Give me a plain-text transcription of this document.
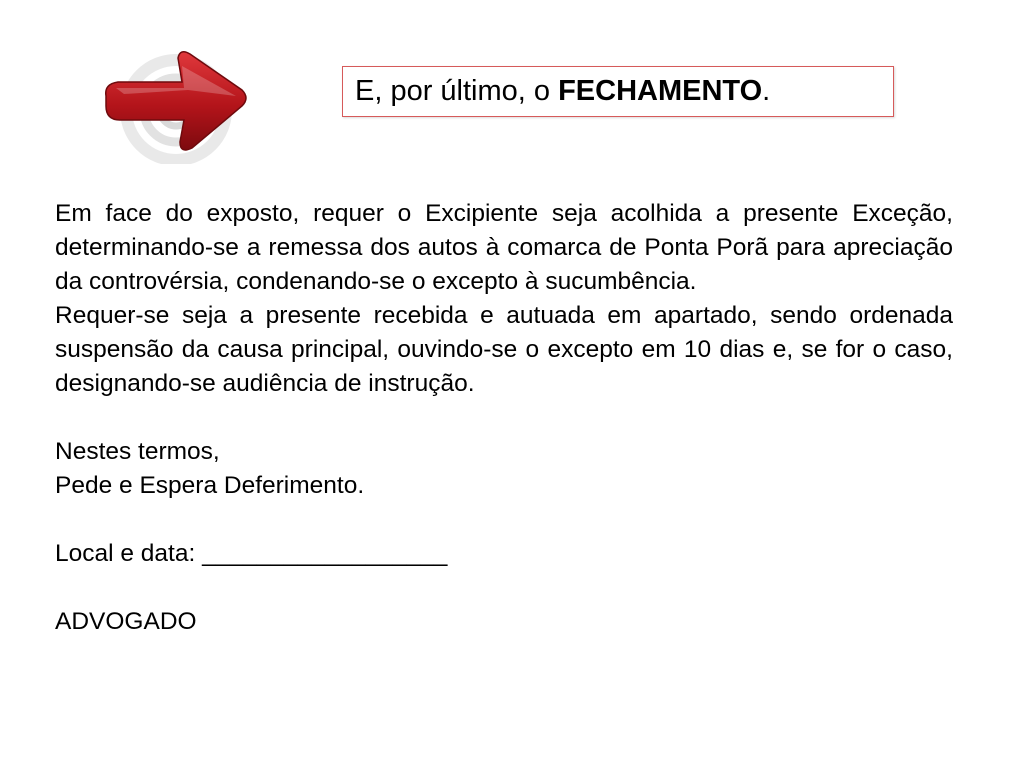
E, por último, o FECHAMENTO .

Em face do exposto, requer o Excipiente seja acolhida a presente Exceção, determinando-se a remessa dos autos à comarca de Ponta Porã para apreciação da controvérsia, condenando-se o excepto à sucumbência.

Requer-se seja a presente recebida e autuada em apartado, sendo ordenada suspensão da causa principal, ouvindo-se o excepto em 10 dias e, se for o caso, designando-se audiência de instrução.

Nestes termos,

Pede e Espera Deferimento.

Local e data: __________________

ADVOGADO
